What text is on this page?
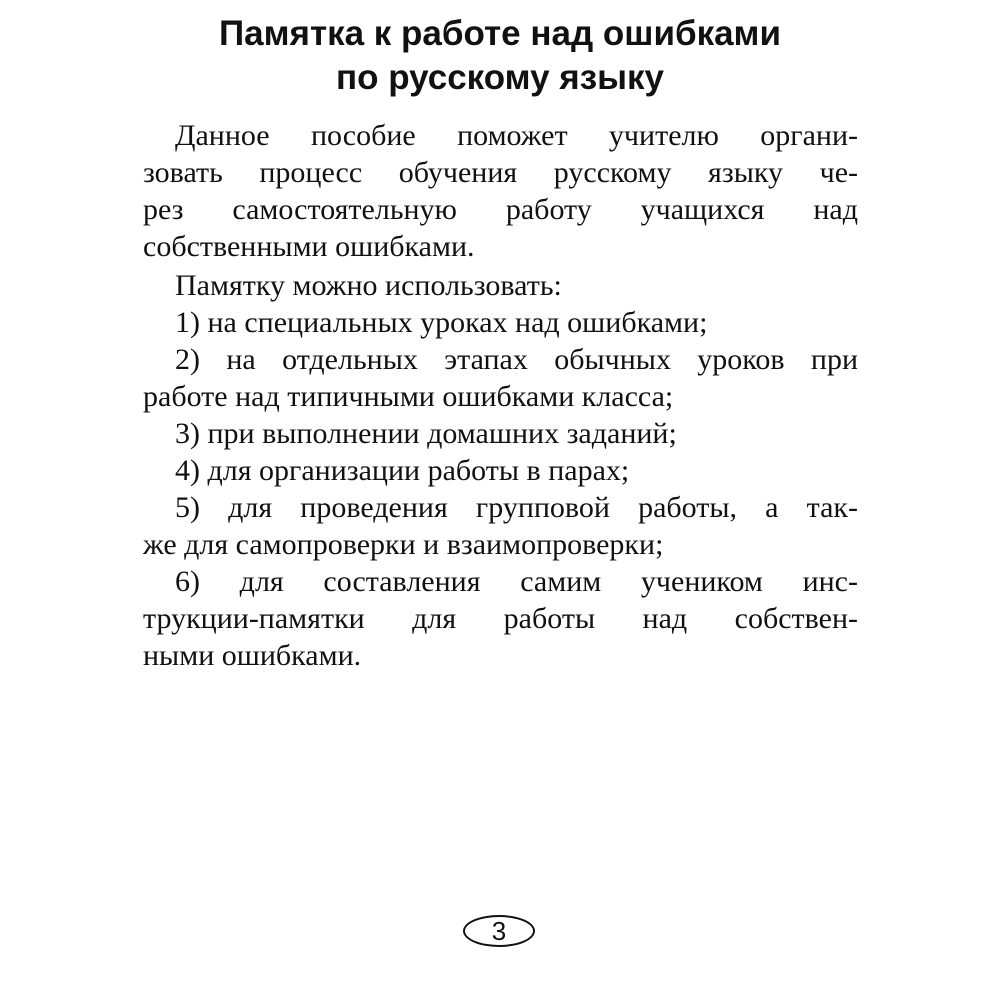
Памятка к работе над ошибками
по русскому языку
Данное пособие поможет учителю органи-
зовать процесс обучения русскому языку че-
рез самостоятельную работу учащихся над
собственными ошибками.
Памятку можно использовать:
1) на специальных уроках над ошибками;
2) на отдельных этапах обычных уроков при
работе над типичными ошибками класса;
3) при выполнении домашних заданий;
4) для организации работы в парах;
5) для проведения групповой работы, а так-
же для самопроверки и взаимопроверки;
6) для составления самим учеником инс-
трукции-памятки для работы над собствен-
ными ошибками.
3
